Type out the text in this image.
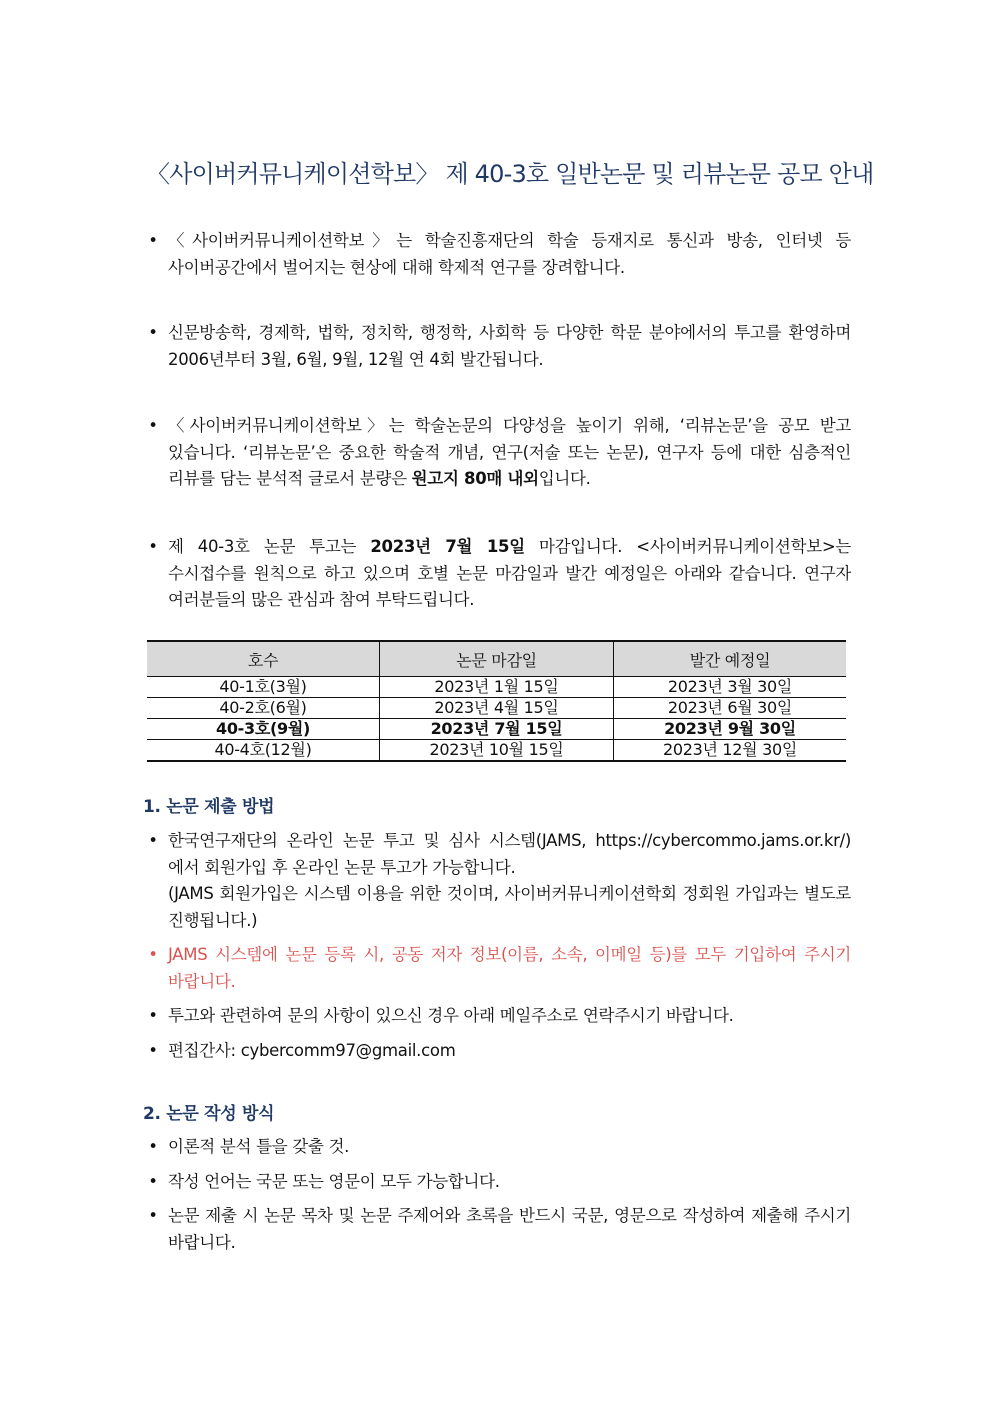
〈사이버커뮤니케이션학보〉 제 40-3호 일반논문 및 리뷰논문 공모 안내
• 〈사이버커뮤니케이션학보〉는 학술진흥재단의 학술 등재지로 통신과 방송, 인터넷 등 사이버공간에서 벌어지는 현상에 대해 학제적 연구를 장려합니다.
• 신문방송학, 경제학, 법학, 정치학, 행정학, 사회학 등 다양한 학문 분야에서의 투고를 환영하며 2006년부터 3월, 6월, 9월, 12월 연 4회 발간됩니다.
• 〈사이버커뮤니케이션학보〉는 학술논문의 다양성을 높이기 위해, ‘리뷰논문’을 공모 받고 있습니다. ‘리뷰논문’은 중요한 학술적 개념, 연구(저술 또는 논문), 연구자 등에 대한 심층적인 리뷰를 담는 분석적 글로서 분량은 원고지 80매 내외입니다.
• 제 40-3호 논문 투고는 2023년 7월 15일 마감입니다. <사이버커뮤니케이션학보>는 수시접수를 원칙으로 하고 있으며 호별 논문 마감일과 발간 예정일은 아래와 같습니다. 연구자 여러분들의 많은 관심과 참여 부탁드립니다.
호수	논문 마감일	발간 예정일
40-1호(3월)	2023년 1월 15일	2023년 3월 30일
40-2호(6월)	2023년 4월 15일	2023년 6월 30일
40-3호(9월)	2023년 7월 15일	2023년 9월 30일
40-4호(12월)	2023년 10월 15일	2023년 12월 30일
1. 논문 제출 방법
• 한국연구재단의 온라인 논문 투고 및 심사 시스템(JAMS, https://cybercommo.jams.or.kr/)에서 회원가입 후 온라인 논문 투고가 가능합니다.
(JAMS 회원가입은 시스템 이용을 위한 것이며, 사이버커뮤니케이션학회 정회원 가입과는 별도로 진행됩니다.)
• JAMS 시스템에 논문 등록 시, 공동 저자 정보(이름, 소속, 이메일 등)를 모두 기입하여 주시기 바랍니다.
• 투고와 관련하여 문의 사항이 있으신 경우 아래 메일주소로 연락주시기 바랍니다.
• 편집간사: cybercomm97@gmail.com
2. 논문 작성 방식
• 이론적 분석 틀을 갖출 것.
• 작성 언어는 국문 또는 영문이 모두 가능합니다.
• 논문 제출 시 논문 목차 및 논문 주제어와 초록을 반드시 국문, 영문으로 작성하여 제출해 주시기 바랍니다.
